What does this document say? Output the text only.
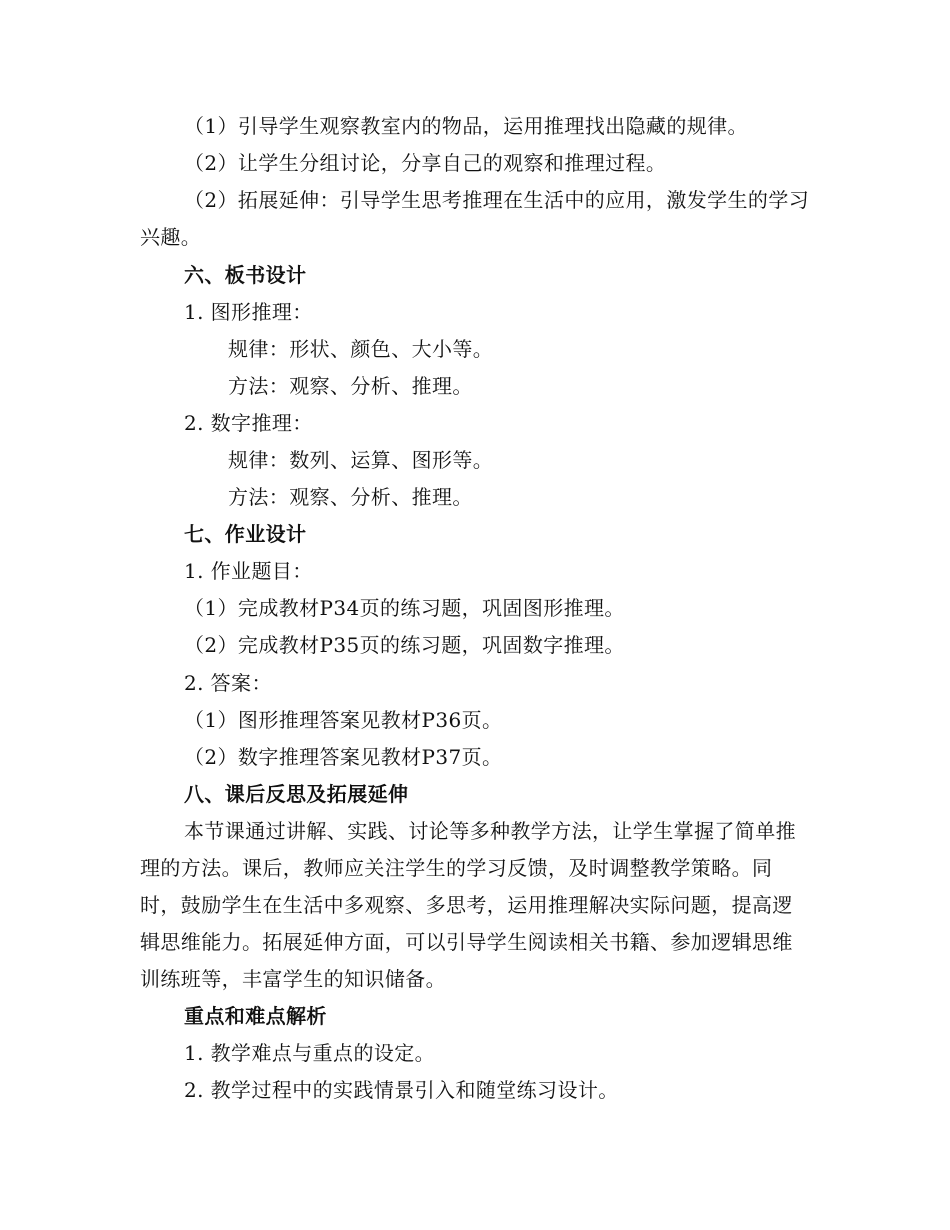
（1）引导学生观察教室内的物品，运用推理找出隐藏的规律。
（2）让学生分组讨论，分享自己的观察和推理过程。

（2）拓展延伸：引导学生思考推理在生活中的应用，激发学生的学习兴趣。

六、板书设计
1. 图形推理：
规律：形状、颜色、大小等。
方法：观察、分析、推理。
2. 数字推理：
规律：数列、运算、图形等。
方法：观察、分析、推理。
七、作业设计
1. 作业题目：
（1）完成教材P34页的练习题，巩固图形推理。
（2）完成教材P35页的练习题，巩固数字推理。
2. 答案：
（1）图形推理答案见教材P36页。
（2）数字推理答案见教材P37页。
八、课后反思及拓展延伸

本节课通过讲解、实践、讨论等多种教学方法，让学生掌握了简单推理的方法。课后，教师应关注学生的学习反馈，及时调整教学策略。同时，鼓励学生在生活中多观察、多思考，运用推理解决实际问题，提高逻辑思维能力。拓展延伸方面，可以引导学生阅读相关书籍、参加逻辑思维训练班等，丰富学生的知识储备。

重点和难点解析
1. 教学难点与重点的设定。
2. 教学过程中的实践情景引入和随堂练习设计。
